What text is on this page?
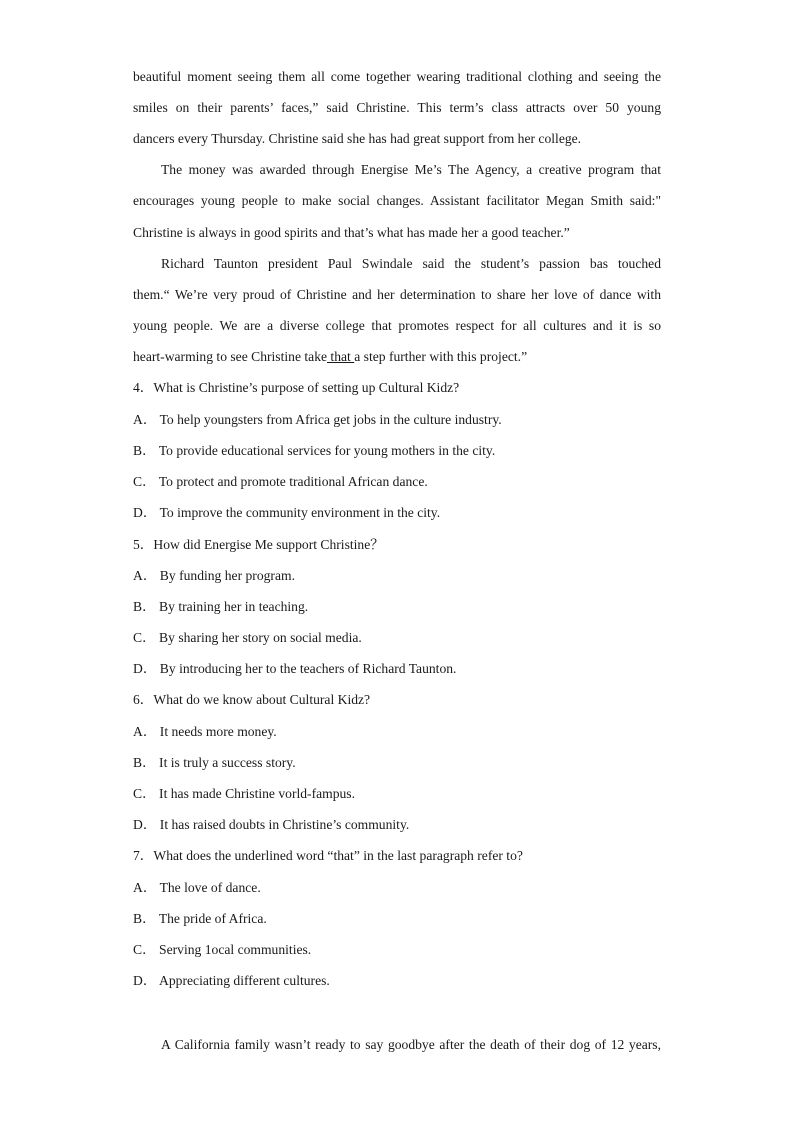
beautiful moment seeing them all come together wearing traditional clothing and seeing the
smiles on their parents’ faces,” said Christine. This term’s class attracts over 50 young
dancers every Thursday. Christine said she has had great support from her college.
The money was awarded through Energise Me’s The Agency, a creative program that
encourages young people to make social changes. Assistant facilitator Megan Smith said:"
Christine is always in good spirits and that’s what has made her a good teacher.”
Richard Taunton president Paul Swindale said the student’s passion bas touched
them.“ We’re very proud of Christine and her determination to share her love of dance with
young people. We are a diverse college that promotes respect for all cultures and it is so
heart-warming to see Christine take that a step further with this project.”
4．What is Christine’s purpose of setting up Cultural Kidz?
A． To help youngsters from Africa get jobs in the culture industry.
B． To provide educational services for young mothers in the city.
C． To protect and promote traditional African dance.
D． To improve the community environment in the city.
5．How did Energise Me support Christine？
A． By funding her program.
B． By training her in teaching.
C． By sharing her story on social media.
D． By introducing her to the teachers of Richard Taunton.
6．What do we know about Cultural Kidz?
A． It needs more money.
B． It is truly a success story.
C． It has made Christine vorld-fampus.
D． It has raised doubts in Christine’s community.
7．What does the underlined word “that” in the last paragraph refer to?
A． The love of dance.
B． The pride of Africa.
C． Serving 1ocal communities.
D． Appreciating different cultures.
A California family wasn’t ready to say goodbye after the death of their dog of 12 years,
